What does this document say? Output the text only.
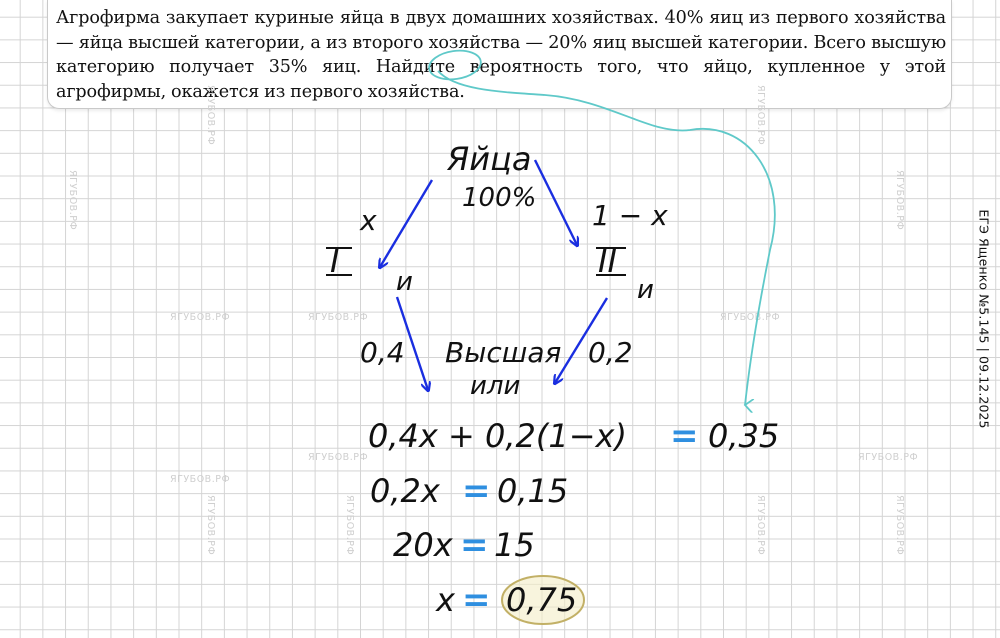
Агрофирма закупает куриные яйца в двух домашних хозяйствах. 40% яиц из первого хозяйства — яйца высшей категории, а из второго хозяйства — 20% яиц высшей категории. Всего высшую категорию получает 35% яиц. Найдите вероятность того, что яйцо, купленное у этой агрофирмы, окажется из первого хозяйства.
ЕГЭ Ященко №5.145 | 09.12.2025
ЯГУБОВ.РФ	ЯГУБОВ.РФ	ЯГУБОВ.РФ
ЯГУБОВ.РФ
ЯГУБОВ.РФ	ЯГУБОВ.РФ
ЯГУБОВ.РФ
ЯГУБОВ.РФ
ЯГУБОВ.РФ	ЯГУБОВ.РФ
ЯГУБОВ.РФ
ЯГУБОВ.РФ
ЯГУБОВ.РФ
ЯГУБОВ.РФ
Яйца
100%
x	1 − x
I	II
и	и
0,4	0,2
Высшая
или
0,4x + 0,2(1−x) = 0,35
0,2x = 0,15
20x = 15
x = 0,75
